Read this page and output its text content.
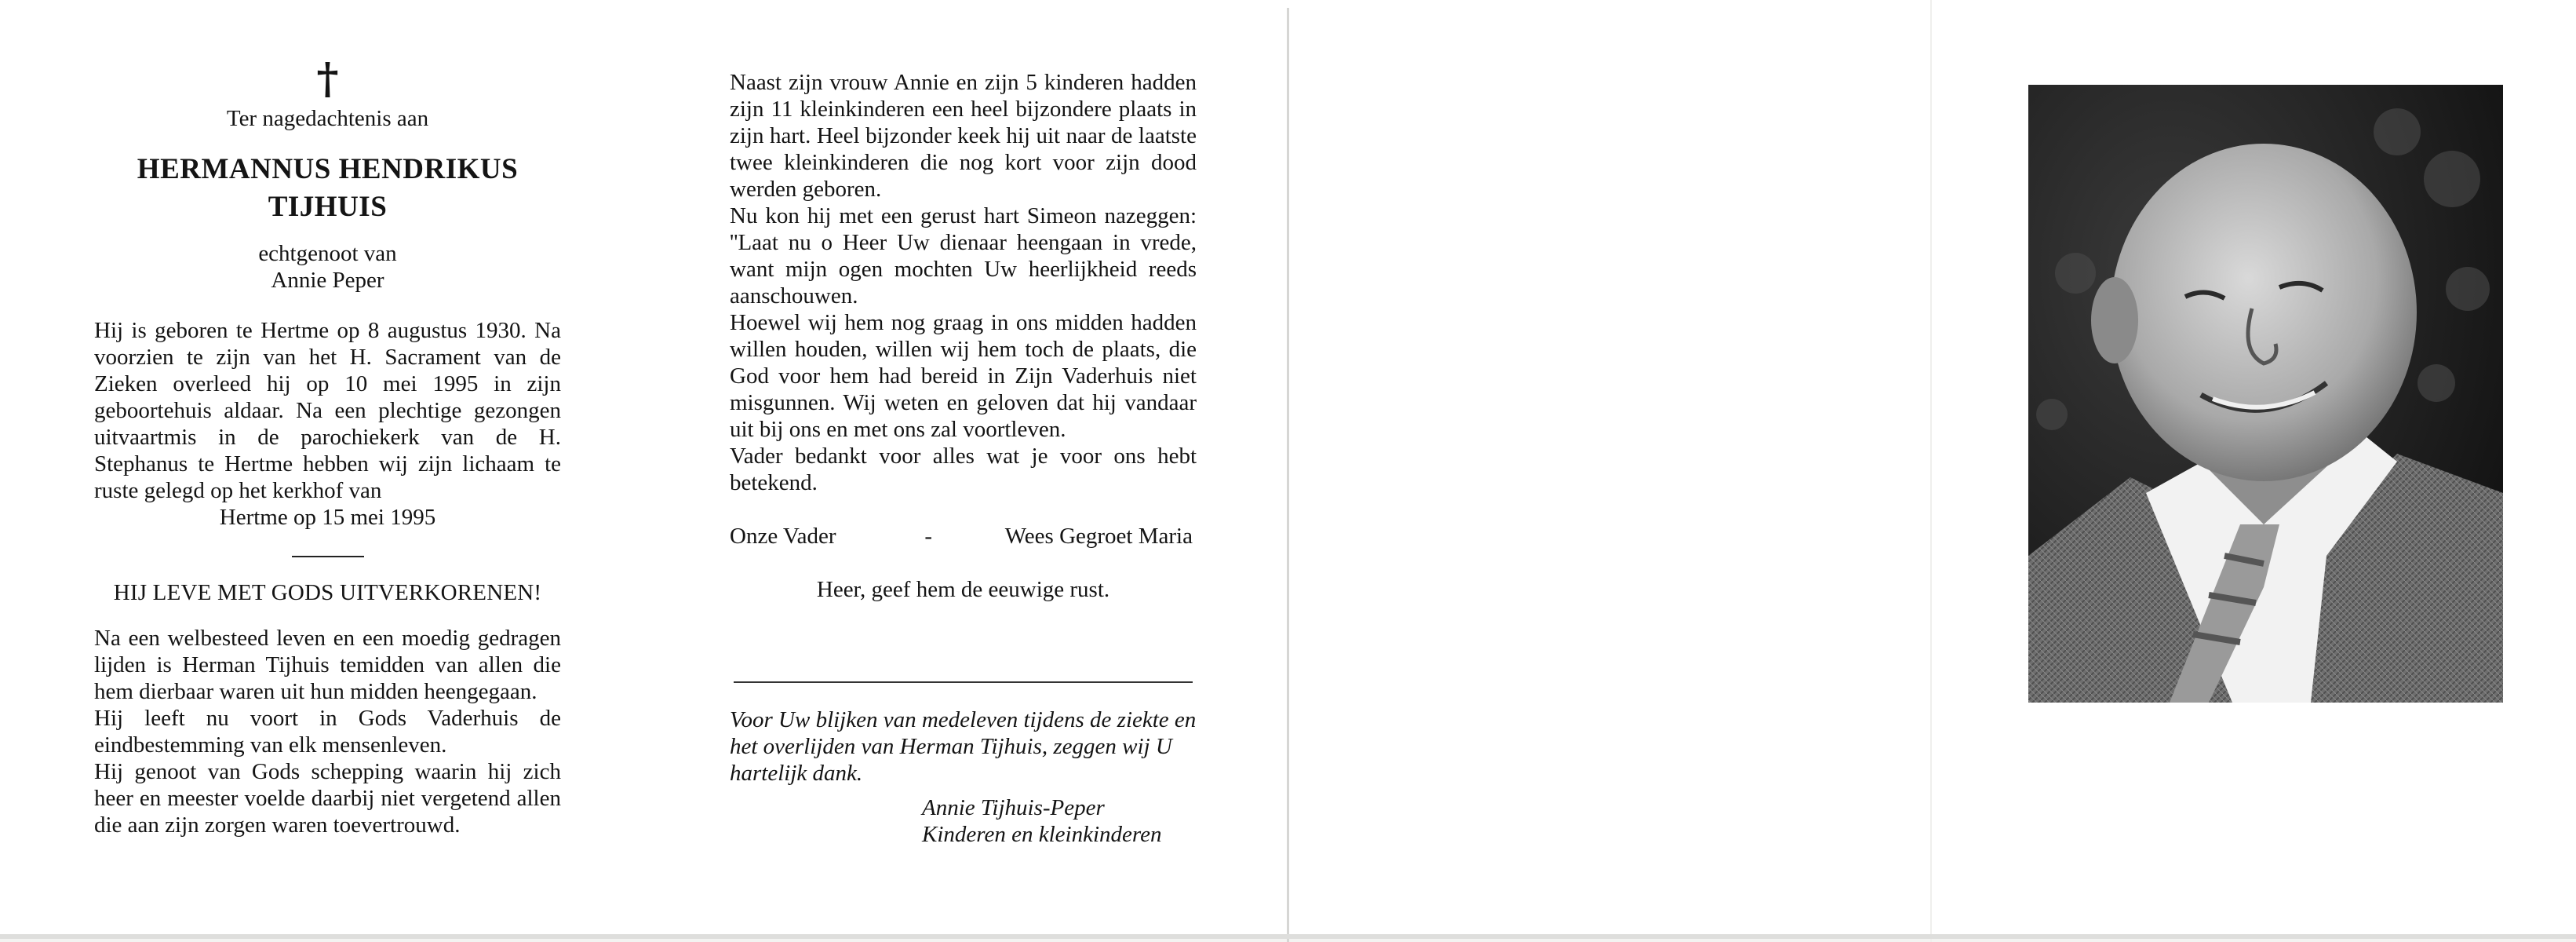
†
Ter nagedachtenis aan
HERMANNUS HENDRIKUS
TIJHUIS
echtgenoot van
Annie Peper

Hij is geboren te Hertme op 8 augustus 1930. Na voorzien te zijn van het H. Sacrament van de Zieken overleed hij op 10 mei 1995 in zijn geboortehuis aldaar. Na een plechtige gezongen uitvaartmis in de parochiekerk van de H. Stephanus te Hertme hebben wij zijn lichaam te ruste gelegd op het kerkhof van

Hertme op 15 mei 1995

HIJ LEVE MET GODS UITVERKORENEN!

Na een welbesteed leven en een moedig gedragen lijden is Herman Tijhuis temidden van allen die hem dierbaar waren uit hun midden heengegaan.

Hij leeft nu voort in Gods Vaderhuis de eindbestemming van elk mensenleven.

Hij genoot van Gods schepping waarin hij zich heer en meester voelde daarbij niet vergetend allen die aan zijn zorgen waren toevertrouwd.

Naast zijn vrouw Annie en zijn 5 kinderen hadden zijn 11 kleinkinderen een heel bijzondere plaats in zijn hart. Heel bijzonder keek hij uit naar de laatste twee kleinkinderen die nog kort voor zijn dood werden geboren.

Nu kon hij met een gerust hart Simeon nazeggen: ''Laat nu o Heer Uw dienaar heengaan in vrede, want mijn ogen mochten Uw heerlijkheid reeds aanschouwen.

Hoewel wij hem nog graag in ons midden hadden willen houden, willen wij hem toch de plaats, die God voor hem had bereid in Zijn Vaderhuis niet misgunnen. Wij weten en geloven dat hij vandaar uit bij ons en met ons zal voortleven.

Vader bedankt voor alles wat je voor ons hebt betekend.

Onze Vader	-	Wees Gegroet Maria
Heer, geef hem de eeuwige rust.

Voor Uw blijken van medeleven tijdens de ziekte en het overlijden van Herman Tijhuis, zeggen wij U hartelijk dank.

Annie Tijhuis-Peper
Kinderen en kleinkinderen
